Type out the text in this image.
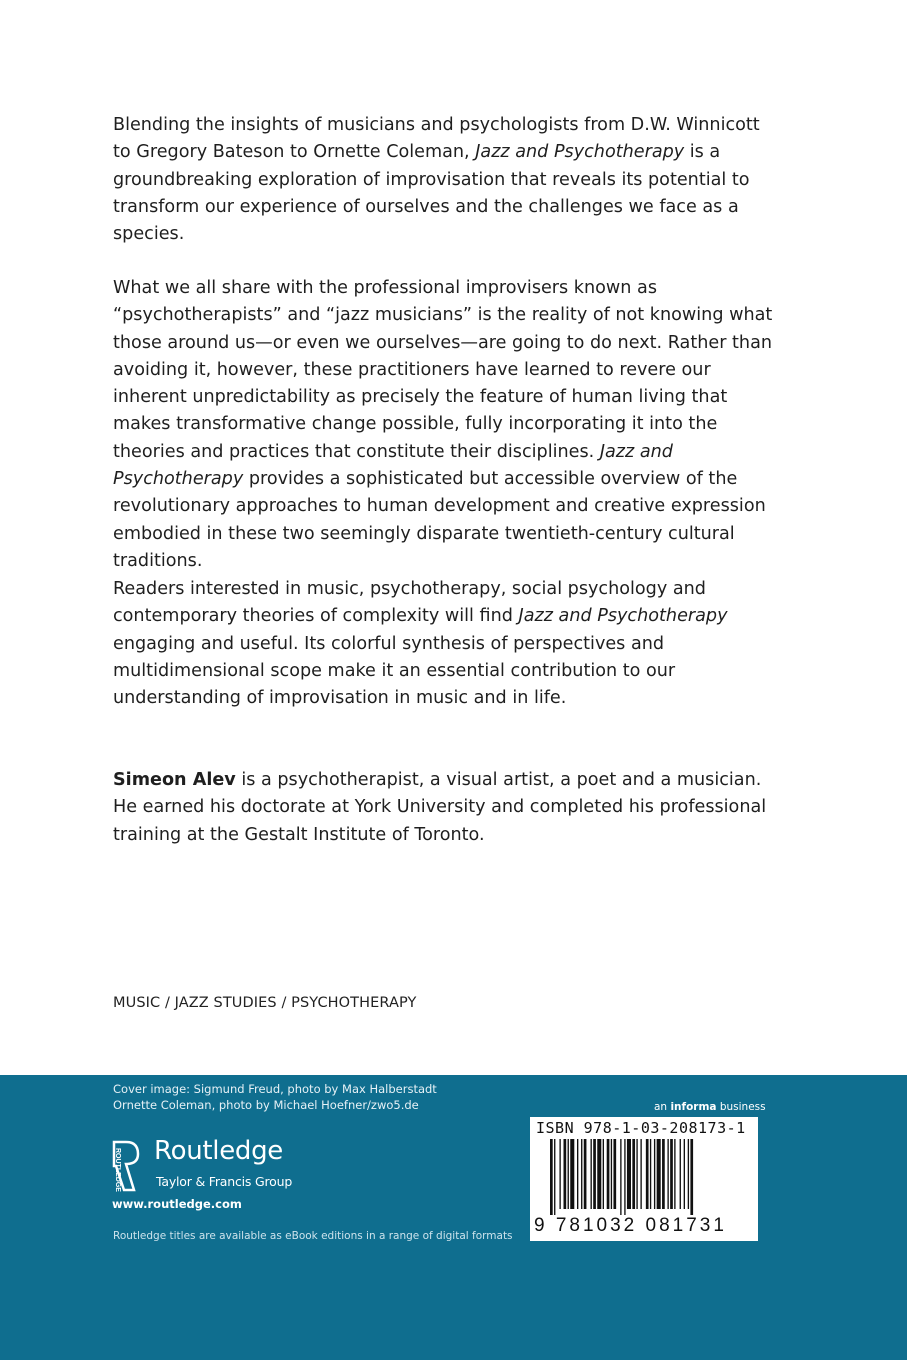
Blending the insights of musicians and psychologists from D.W. Winnicott to Gregory Bateson to Ornette Coleman, Jazz and Psychotherapy is a groundbreaking exploration of improvisation that reveals its potential to transform our experience of ourselves and the challenges we face as a species.

What we all share with the professional improvisers known as “psychotherapists” and “jazz musicians” is the reality of not knowing what those around us—or even we ourselves—are going to do next. Rather than avoiding it, however, these practitioners have learned to revere our inherent unpredictability as precisely the feature of human living that makes transformative change possible, fully incorporating it into the theories and practices that constitute their disciplines. Jazz and Psychotherapy provides a sophisticated but accessible overview of the revolutionary approaches to human development and creative expression embodied in these two seemingly disparate twentieth-century cultural traditions.

Readers interested in music, psychotherapy, social psychology and contemporary theories of complexity will find Jazz and Psychotherapy engaging and useful. Its colorful synthesis of perspectives and multidimensional scope make it an essential contribution to our understanding of improvisation in music and in life.

Simeon Alev is a psychotherapist, a visual artist, a poet and a musician. He earned his doctorate at York University and completed his professional training at the Gestalt Institute of Toronto.

MUSIC / JAZZ STUDIES / PSYCHOTHERAPY
Cover image: Sigmund Freud, photo by Max Halberstadt
Ornette Coleman, photo by Michael Hoefner/zwo5.de
ROUTLEDGE Routledge
Taylor & Francis Group
www.routledge.com
Routledge titles are available as eBook editions in a range of digital formats
an informa business
ISBN 978-1-03-208173-1
9 781032 081731
